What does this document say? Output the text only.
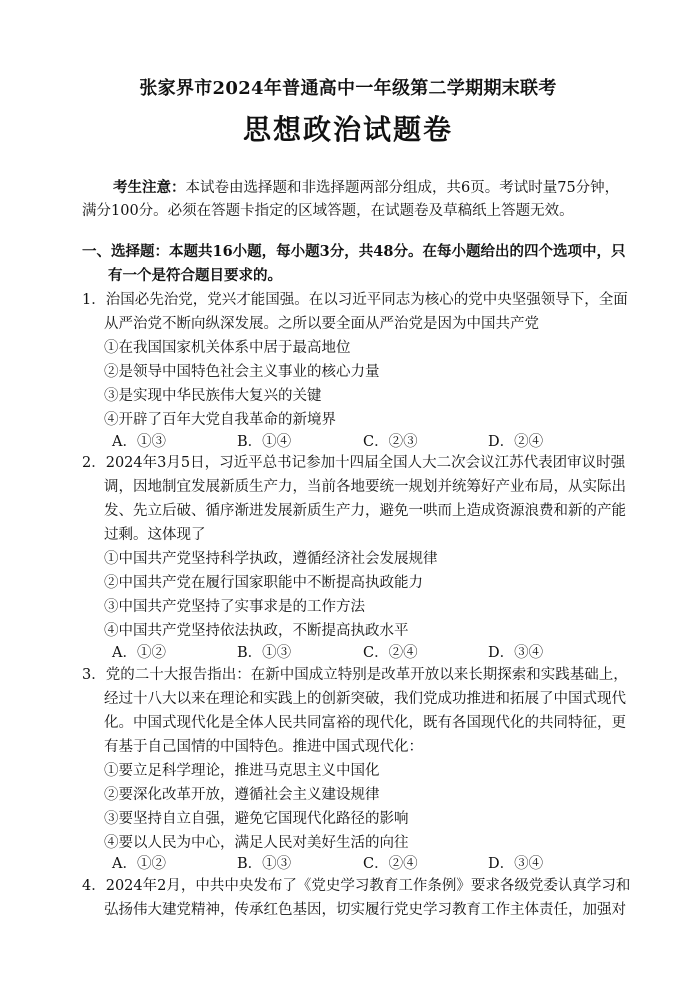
张家界市2024年普通高中一年级第二学期期末联考
思想政治试题卷
考生注意：本试卷由选择题和非选择题两部分组成，共6页。考试时量75分钟，
满分100分。必须在答题卡指定的区域答题，在试题卷及草稿纸上答题无效。
一、选择题：本题共16小题，每小题3分，共48分。在每小题给出的四个选项中，只
有一个是符合题目要求的。
1．治国必先治党，党兴才能国强。在以习近平同志为核心的党中央坚强领导下，全面
从严治党不断向纵深发展。之所以要全面从严治党是因为中国共产党
①在我国国家机关体系中居于最高地位
②是领导中国特色社会主义事业的核心力量
③是实现中华民族伟大复兴的关键
④开辟了百年大党自我革命的新境界
A．①③	B．①④	C．②③	D．②④
2．2024年3月5日，习近平总书记参加十四届全国人大二次会议江苏代表团审议时强
调，因地制宜发展新质生产力，当前各地要统一规划并统筹好产业布局，从实际出
发、先立后破、循序渐进发展新质生产力，避免一哄而上造成资源浪费和新的产能
过剩。这体现了
①中国共产党坚持科学执政，遵循经济社会发展规律
②中国共产党在履行国家职能中不断提高执政能力
③中国共产党坚持了实事求是的工作方法
④中国共产党坚持依法执政，不断提高执政水平
A．①②	B．①③	C．②④	D．③④
3．党的二十大报告指出：在新中国成立特别是改革开放以来长期探索和实践基础上，
经过十八大以来在理论和实践上的创新突破，我们党成功推进和拓展了中国式现代
化。中国式现代化是全体人民共同富裕的现代化，既有各国现代化的共同特征，更
有基于自己国情的中国特色。推进中国式现代化：
①要立足科学理论，推进马克思主义中国化
②要深化改革开放，遵循社会主义建设规律
③要坚持自立自强，避免它国现代化路径的影响
④要以人民为中心，满足人民对美好生活的向往
A．①②	B．①③	C．②④	D．③④
4．2024年2月，中共中央发布了《党史学习教育工作条例》要求各级党委认真学习和
弘扬伟大建党精神，传承红色基因，切实履行党史学习教育工作主体责任，加强对
